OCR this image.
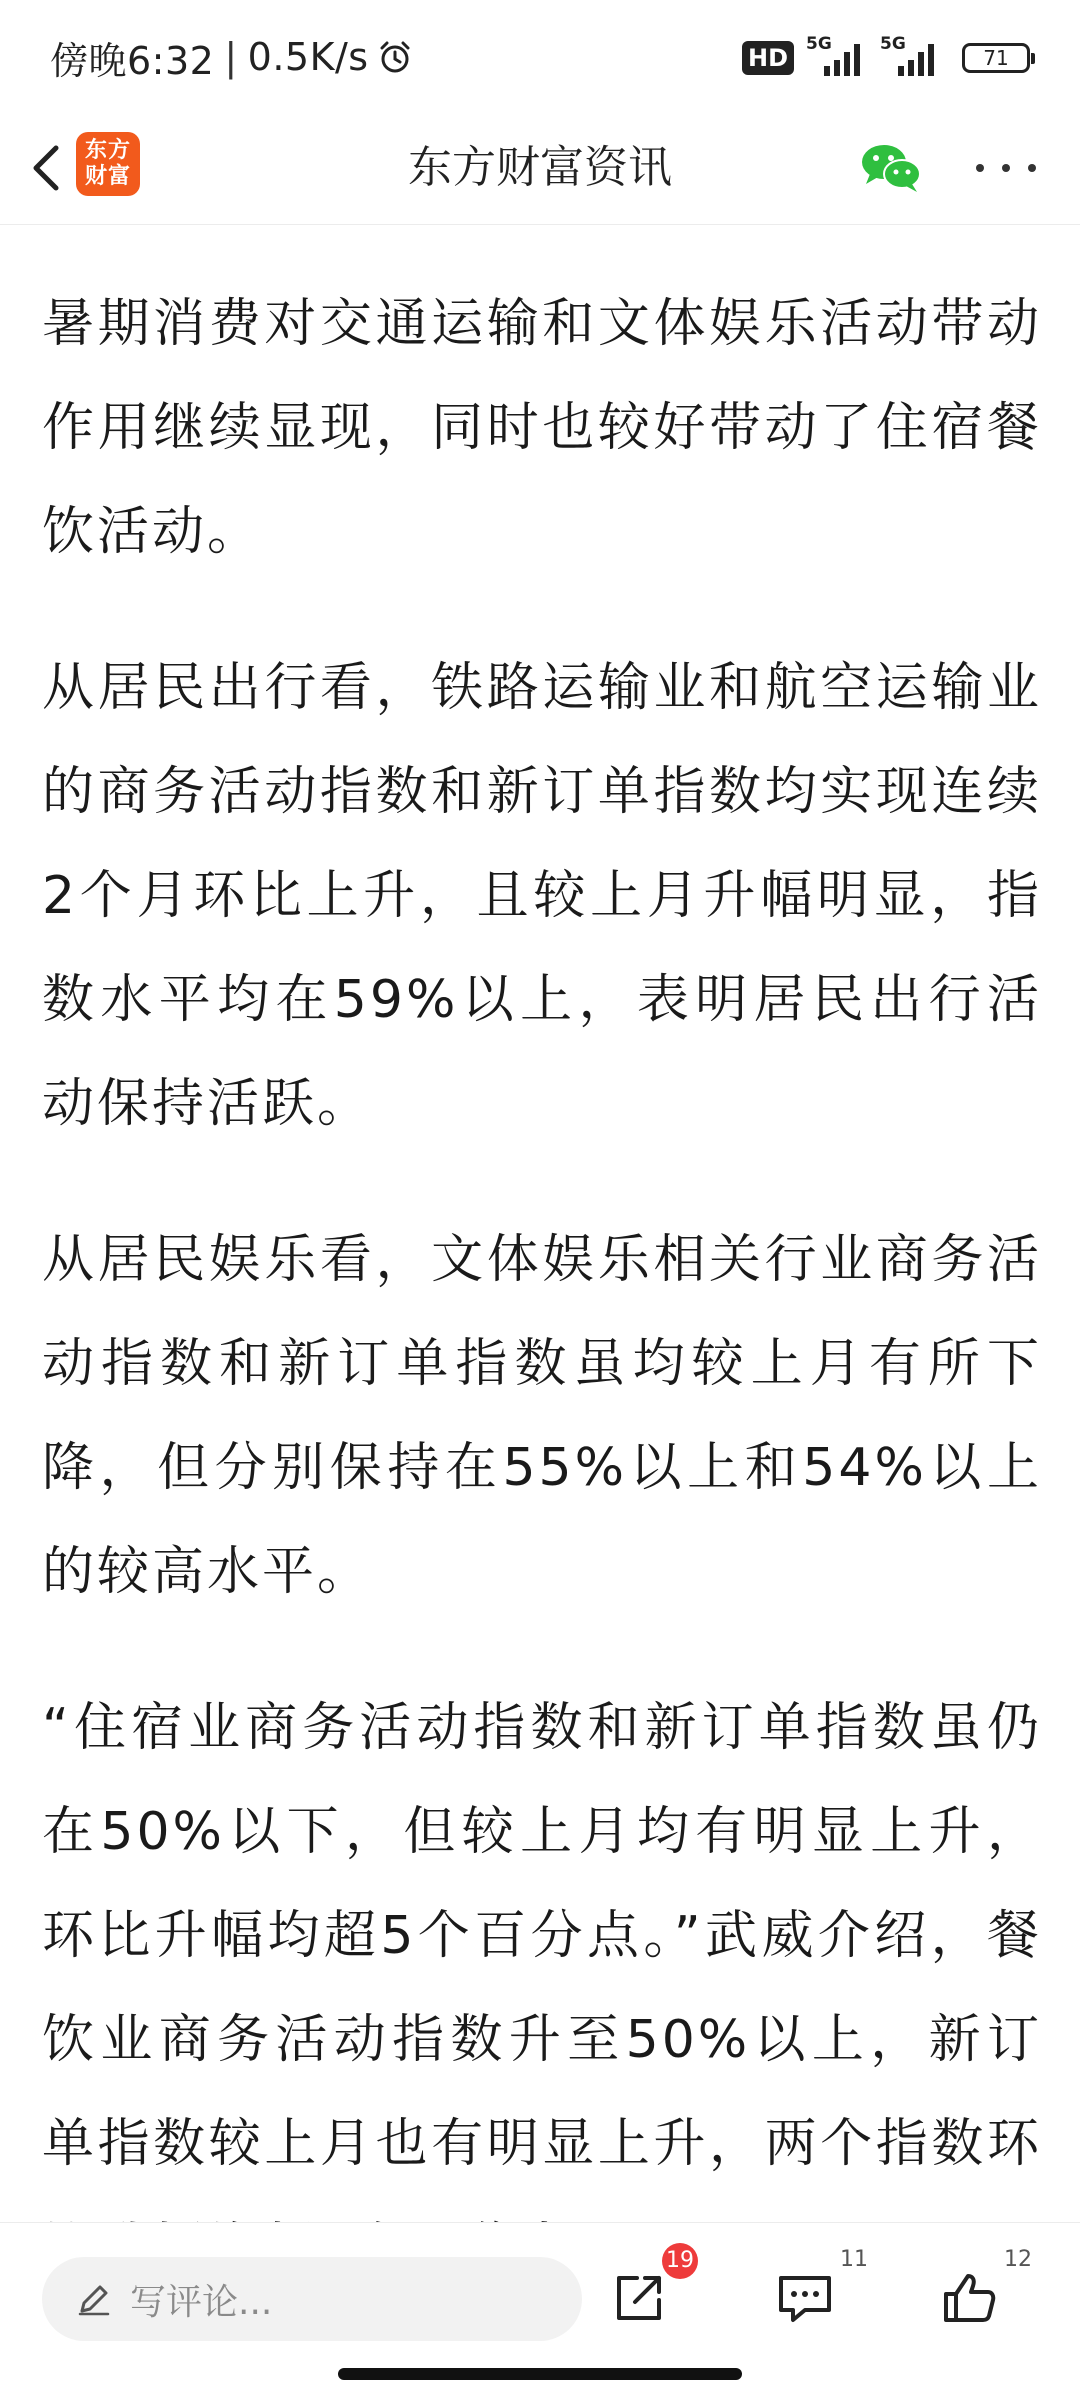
傍晚6:32 | 0.5K/s	HD	5G	5G
71
东方
财富	东方财富资讯

暑期消费对交通运输和文体娱乐活动带动作用继续显现，同时也较好带动了住宿餐饮活动。

从居民出行看，铁路运输业和航空运输业的商务活动指数和新订单指数均实现连续2个月环比上升，且较上月升幅明显，指数水平均在59%以上，表明居民出行活动保持活跃。

从居民娱乐看，文体娱乐相关行业商务活动指数和新订单指数虽均较上月有所下降，但分别保持在55%以上和54%以上的较高水平。

“住宿业商务活动指数和新订单指数虽仍在50%以下，但较上月均有明显上升，环比升幅均超5个百分点。”武威介绍，餐饮业商务活动指数升至50%以上，新订单指数较上月也有明显上升，两个指数环

写评论...
19	11	12
